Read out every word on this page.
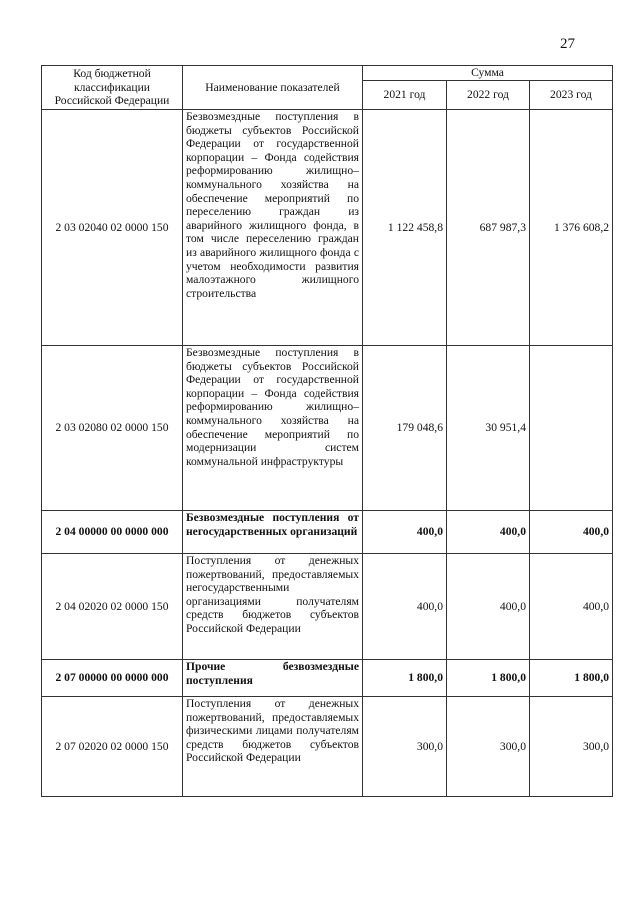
27
Код бюджетной классификации Российской Федерации	Наименование показателей	Сумма		
		2021 год	2022 год	2023 год
2 03 02040 02 0000 150	Безвозмездные поступления в бюджеты субъектов Российской Федерации от государственной корпорации – Фонда содействия реформированию жилищно–коммунального хозяйства на обеспечение мероприятий по переселению граждан из аварийного жилищного фонда, в том числе переселению граждан из аварийного жилищного фонда с учетом необходимости развития малоэтажного жилищного строительства	1 122 458,8	687 987,3	1 376 608,2
2 03 02080 02 0000 150	Безвозмездные поступления в бюджеты субъектов Российской Федерации от государственной корпорации – Фонда содействия реформированию жилищно–коммунального хозяйства на обеспечение мероприятий по модернизации систем коммунальной инфраструктуры	179 048,6	30 951,4	
2 04 00000 00 0000 000	Безвозмездные поступления от негосударственных организаций	400,0	400,0	400,0
2 04 02020 02 0000 150	Поступления от денежных пожертвований, предоставляемых негосударственными организациями получателям средств бюджетов субъектов Российской Федерации	400,0	400,0	400,0
2 07 00000 00 0000 000	Прочие безвозмездные поступления	1 800,0	1 800,0	1 800,0
2 07 02020 02 0000 150	Поступления от денежных пожертвований, предоставляемых физическими лицами получателям средств бюджетов субъектов Российской Федерации	300,0	300,0	300,0
